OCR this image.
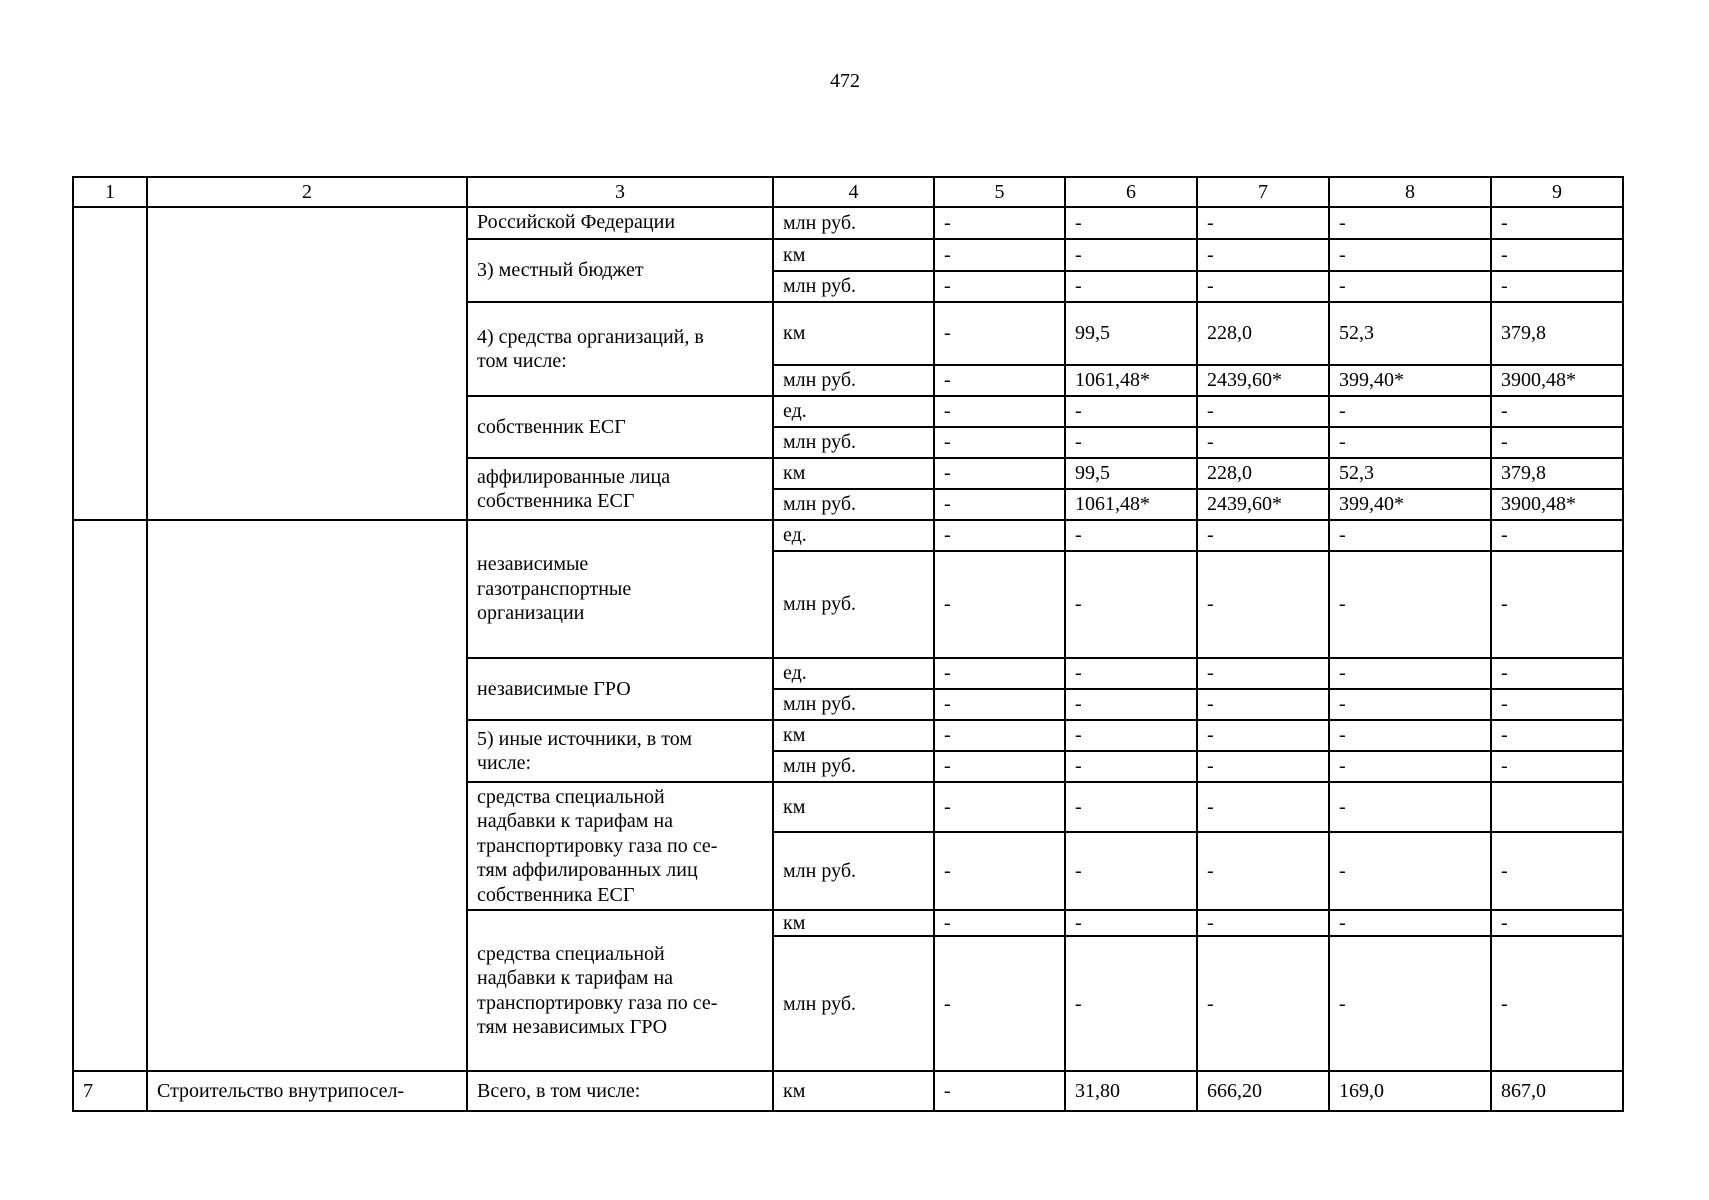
472
1	2	3	4	5	6	7	8	9
		Российской Федерации	млн руб.	-	-	-	-	-
		3) местный бюджет	км	-	-	-	-	-
			млн руб.	-	-	-	-	-
		4) средства организаций, в
том числе:	км	-	99,5	228,0	52,3	379,8
			млн руб.	-	1061,48*	2439,60*	399,40*	3900,48*
		собственник ЕСГ	ед.	-	-	-	-	-
			млн руб.	-	-	-	-	-
		аффилированные лица
собственника ЕСГ	км	-	99,5	228,0	52,3	379,8
			млн руб.	-	1061,48*	2439,60*	399,40*	3900,48*
		независимые
газотранспортные
организации	ед.	-	-	-	-	-
			млн руб.	-	-	-	-	-
		независимые ГРО	ед.	-	-	-	-	-
			млн руб.	-	-	-	-	-
		5) иные источники, в том
числе:	км	-	-	-	-	-
			млн руб.	-	-	-	-	-
		средства специальной
надбавки к тарифам на
транспортировку газа по се-
тям аффилированных лиц
собственника ЕСГ	км	-	-	-	-	
			млн руб.	-	-	-	-	-
		средства специальной
надбавки к тарифам на
транспортировку газа по се-
тям независимых ГРО	км	-	-	-	-	-
			млн руб.	-	-	-	-	-
7	Строительство внутрипосел-	Всего, в том числе:	км	-	31,80	666,20	169,0	867,0
